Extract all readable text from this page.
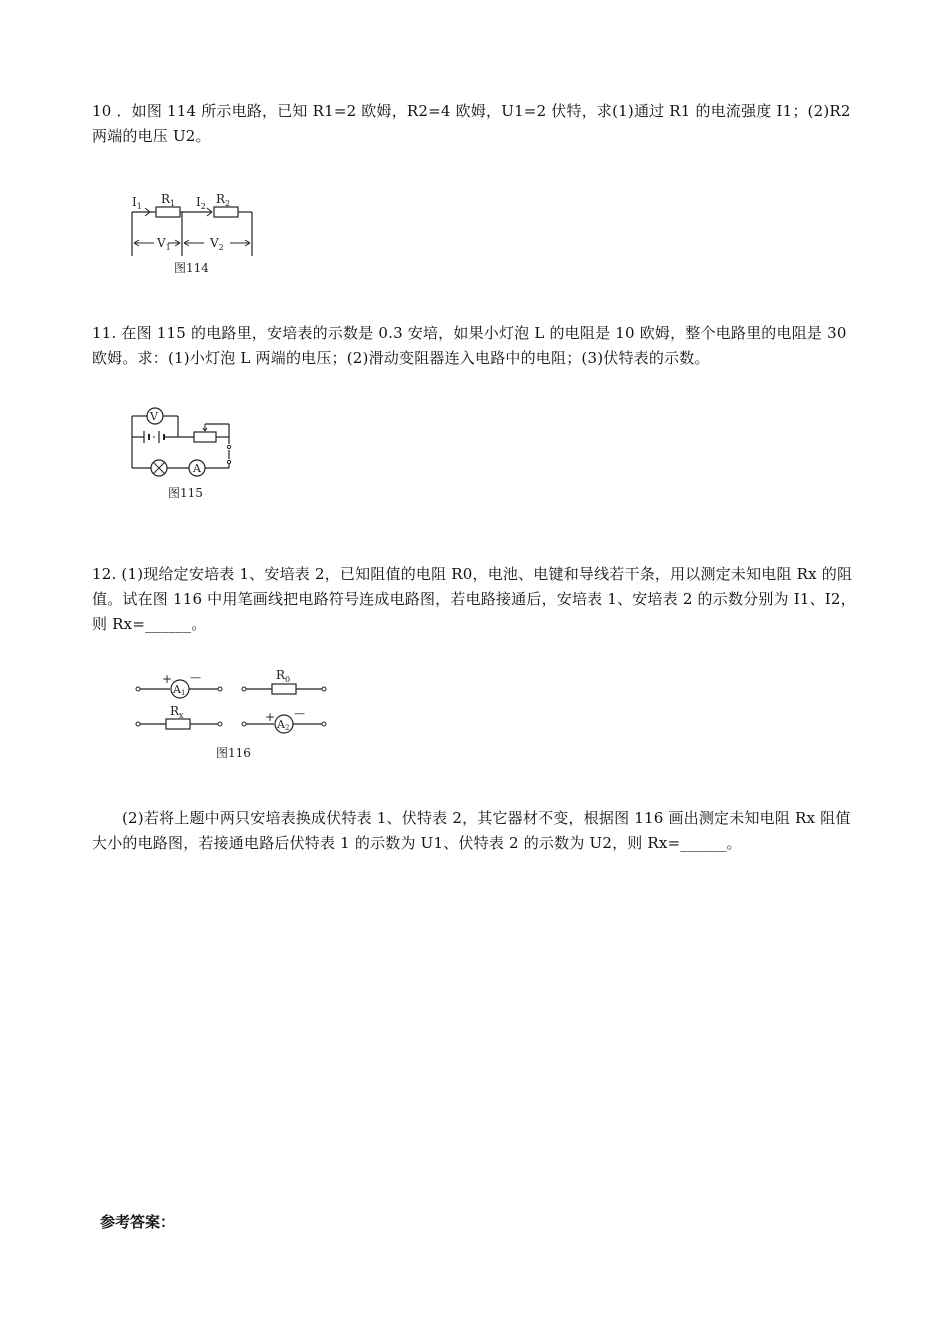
10 ．如图 114 所示电路，已知 R1=2 欧姆，R2=4 欧姆，U1=2 伏特，求(1)通过 R1 的电流强度 I1；(2)R2 两端的电压 U2。
$I_1$
$R_1$ $I_2$
$R_2$
$V_1$	$V_2$
图114
11. 在图 115 的电路里，安培表的示数是 0.3 安培，如果小灯泡 L 的电阻是 10 欧姆，整个电路里的电阻是 30 欧姆。求：(1)小灯泡 L 两端的电压；(2)滑动变阻器连入电路中的电阻；(3)伏特表的示数。
V
A
图115
12. (1)现给定安培表 1、安培表 2，已知阻值的电阻 R0，电池、电键和导线若干条，用以测定未知电阻 Rx 的阻值。试在图 116 中用笔画线把电路符号连成电路图，若电路接通后，安培表 1、安培表 2 的示数分别为 I1、I2，则 Rx=______。
A1
+ —	$R_0$
$R_x$
A2
+ —
图116
(2)若将上题中两只安培表换成伏特表 1、伏特表 2，其它器材不变，根据图 116 画出测定未知电阻 Rx 阻值大小的电路图，若接通电路后伏特表 1 的示数为 U1、伏特表 2 的示数为 U2，则 Rx=______。
参考答案：
